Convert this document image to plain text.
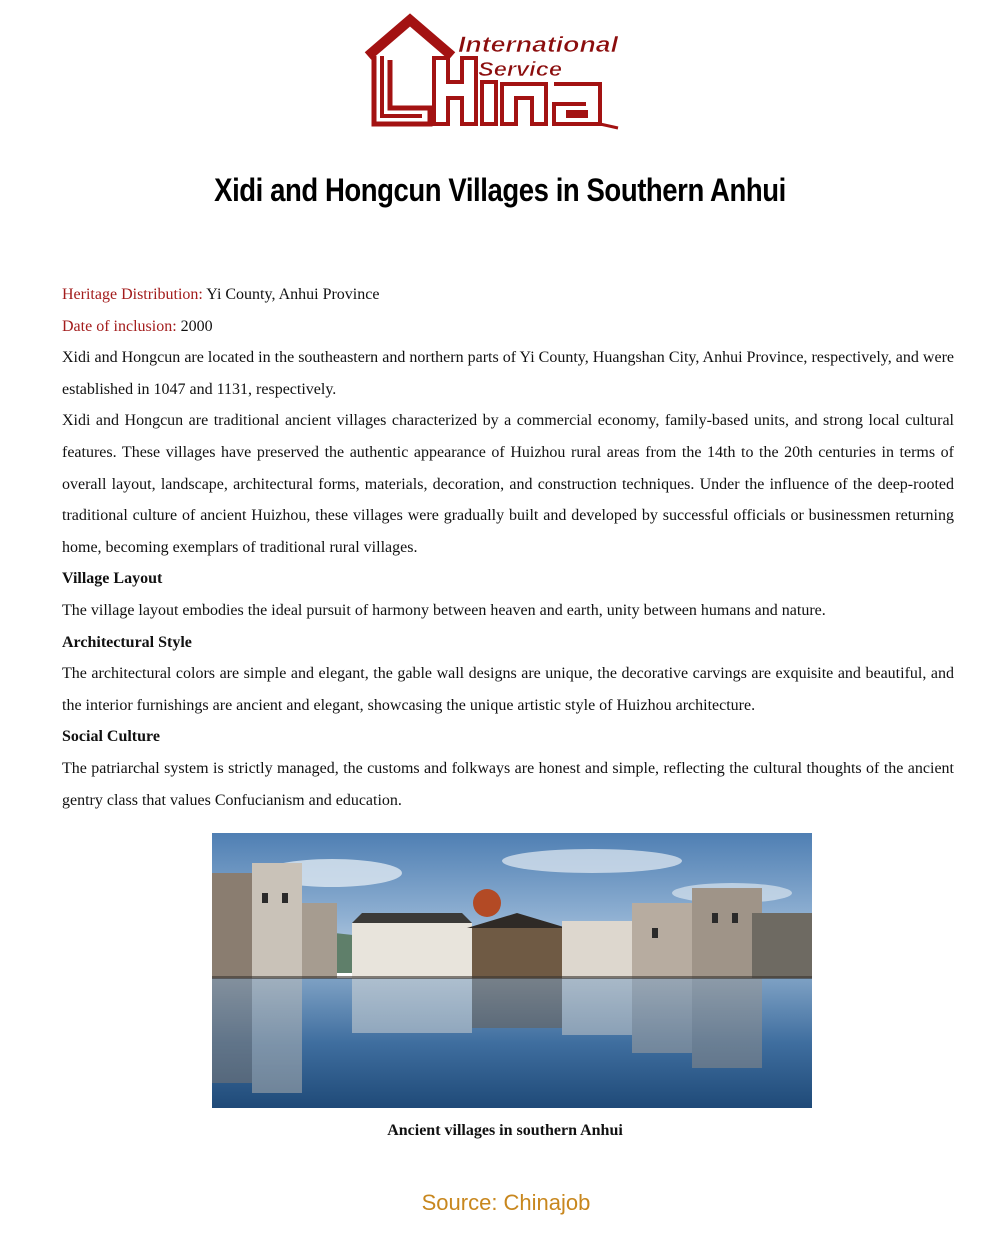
International
Service
China
Xidi and Hongcun Villages in Southern Anhui
Heritage Distribution: Yi County, Anhui Province
Date of inclusion: 2000

Xidi and Hongcun are located in the southeastern and northern parts of Yi County, Huangshan City, Anhui Province, respectively, and were established in 1047 and 1131, respectively.

Xidi and Hongcun are traditional ancient villages characterized by a commercial economy, family-based units, and strong local cultural features. These villages have preserved the authentic appearance of Huizhou rural areas from the 14th to the 20th centuries in terms of overall layout, landscape, architectural forms, materials, decoration, and construction techniques. Under the influence of the deep-rooted traditional culture of ancient Huizhou, these villages were gradually built and developed by successful officials or businessmen returning home, becoming exemplars of traditional rural villages.

Village Layout

The village layout embodies the ideal pursuit of harmony between heaven and earth, unity between humans and nature.

Architectural Style

The architectural colors are simple and elegant, the gable wall designs are unique, the decorative carvings are exquisite and beautiful, and the interior furnishings are ancient and elegant, showcasing the unique artistic style of Huizhou architecture.

Social Culture

The patriarchal system is strictly managed, the customs and folkways are honest and simple, reflecting the cultural thoughts of the ancient gentry class that values Confucianism and education.

Ancient villages in southern Anhui
Source: Chinajob
